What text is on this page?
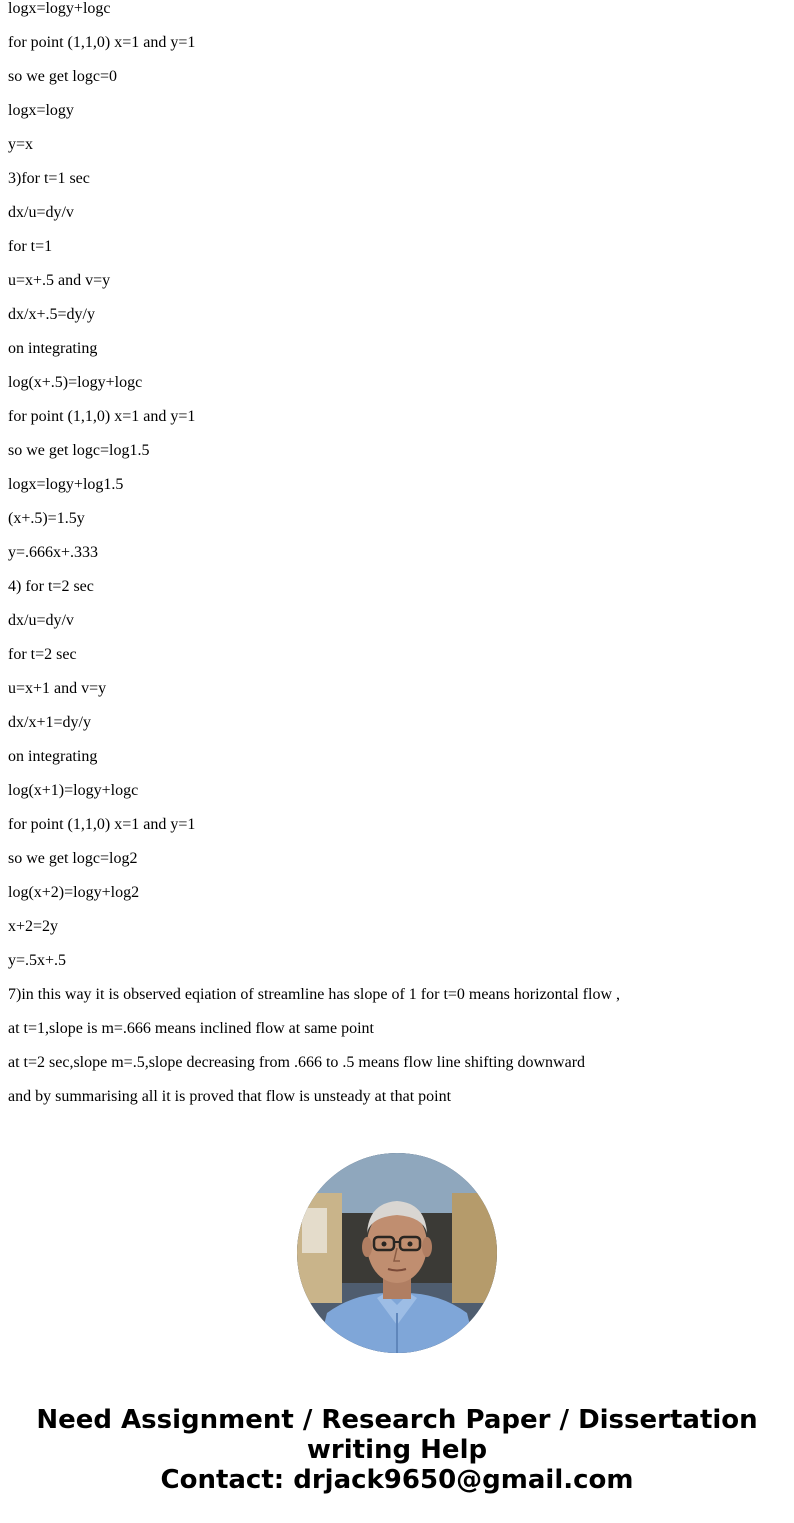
logx=logy+logc
for point (1,1,0) x=1 and y=1
so we get logc=0
logx=logy
y=x
3)for t=1 sec
dx/u=dy/v
for t=1
u=x+.5 and v=y
dx/x+.5=dy/y
on integrating
log(x+.5)=logy+logc
for point (1,1,0) x=1 and y=1
so we get logc=log1.5
logx=logy+log1.5
(x+.5)=1.5y
y=.666x+.333
4) for t=2 sec
dx/u=dy/v
for t=2 sec
u=x+1 and v=y
dx/x+1=dy/y
on integrating
log(x+1)=logy+logc
for point (1,1,0) x=1 and y=1
so we get logc=log2
log(x+2)=logy+log2
x+2=2y
y=.5x+.5
7)in this way it is observed eqiation of streamline has slope of 1 for t=0 means horizontal flow ,
at t=1,slope is m=.666 means inclined flow at same point
at t=2 sec,slope m=.5,slope decreasing from .666 to .5 means flow line shifting downward
and by summarising all it is proved that flow is unsteady at that point
Need Assignment / Research Paper / Dissertation
writing Help
Contact: drjack9650@gmail.com
